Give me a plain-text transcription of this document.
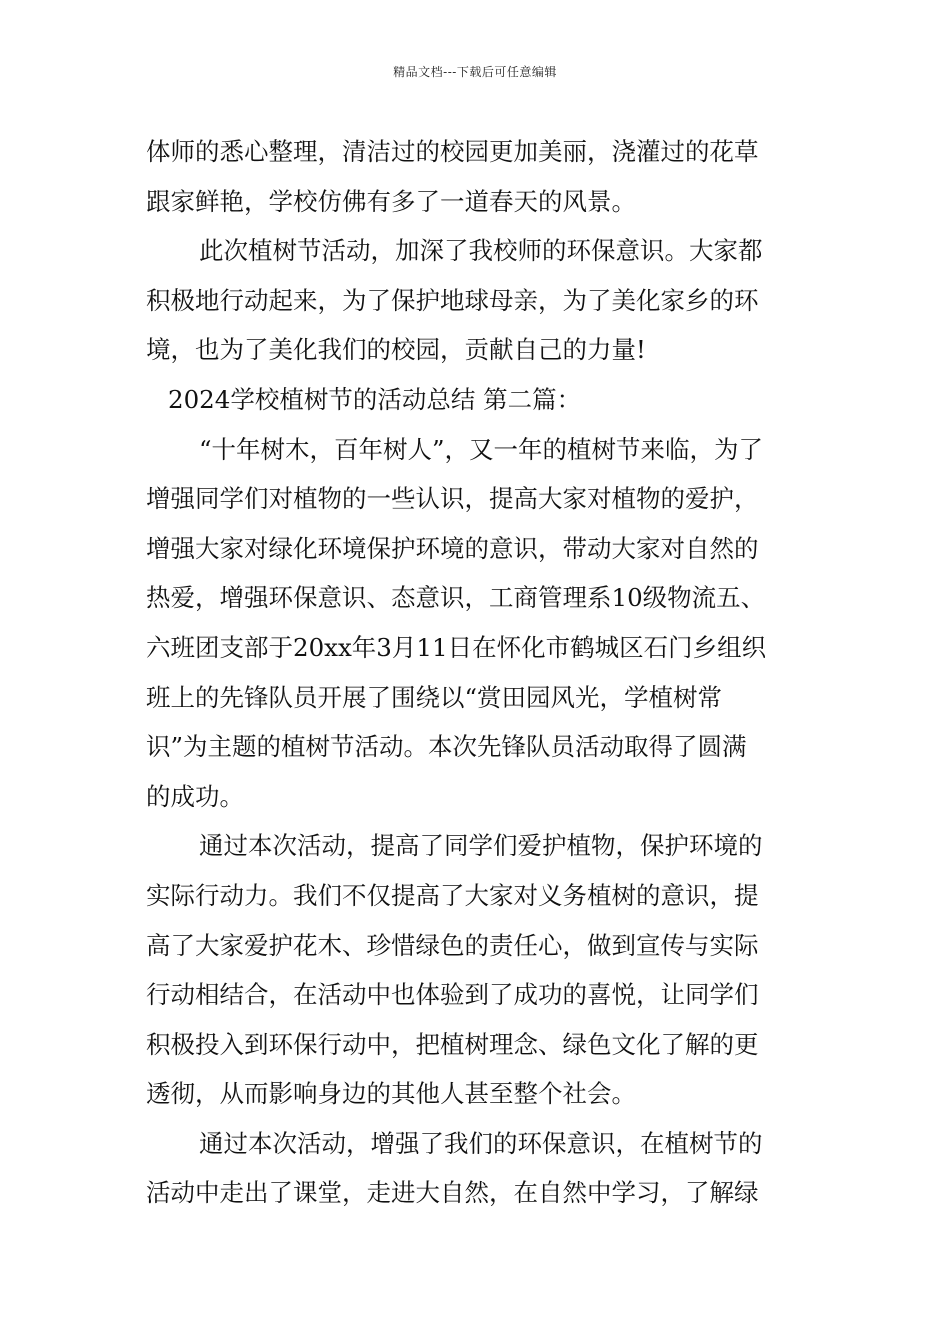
精品文档---下载后可任意编辑
体师的悉心整理，清洁过的校园更加美丽，浇灌过的花草
跟家鲜艳，学校仿佛有多了一道春天的风景。
此次植树节活动，加深了我校师的环保意识。大家都
积极地行动起来，为了保护地球母亲，为了美化家乡的环
境，也为了美化我们的校园，贡献自己的力量!
2024学校植树节的活动总结 第二篇：
“十年树木，百年树人”，又一年的植树节来临，为了
增强同学们对植物的一些认识，提高大家对植物的爱护，
增强大家对绿化环境保护环境的意识，带动大家对自然的
热爱，增强环保意识、态意识，工商管理系10级物流五、
六班团支部于20xx年3月11日在怀化市鹤城区石门乡组织
班上的先锋队员开展了围绕以“赏田园风光，学植树常
识”为主题的植树节活动。本次先锋队员活动取得了圆满
的成功。
通过本次活动，提高了同学们爱护植物，保护环境的
实际行动力。我们不仅提高了大家对义务植树的意识，提
高了大家爱护花木、珍惜绿色的责任心，做到宣传与实际
行动相结合，在活动中也体验到了成功的喜悦，让同学们
积极投入到环保行动中，把植树理念、绿色文化了解的更
透彻，从而影响身边的其他人甚至整个社会。
通过本次活动，增强了我们的环保意识，在植树节的
活动中走出了课堂，走进大自然，在自然中学习，了解绿
